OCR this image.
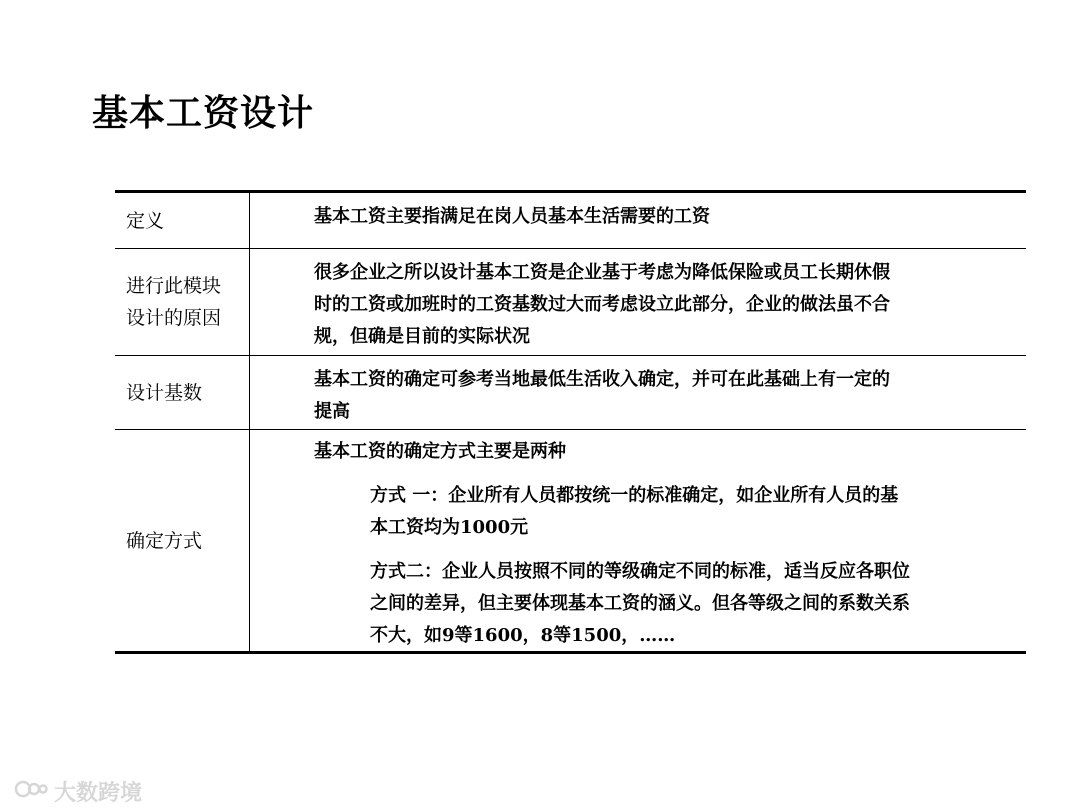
基本工资设计
定义	基本工资主要指满足在岗人员基本生活需要的工资
进行此模块
设计的原因
很多企业之所以设计基本工资是企业基于考虑为降低保险或员工长期休假
时的工资或加班时的工资基数过大而考虑设立此部分，企业的做法虽不合
规，但确是目前的实际状况
设计基数
基本工资的确定可参考当地最低生活收入确定，并可在此基础上有一定的
提高
确定方式
基本工资的确定方式主要是两种
方式 一：企业所有人员都按统一的标准确定，如企业所有人员的基
本工资均为1000元
方式二：企业人员按照不同的等级确定不同的标准，适当反应各职位
之间的差异，但主要体现基本工资的涵义。但各等级之间的系数关系
不大，如9等1600，8等1500，……
大数跨境
